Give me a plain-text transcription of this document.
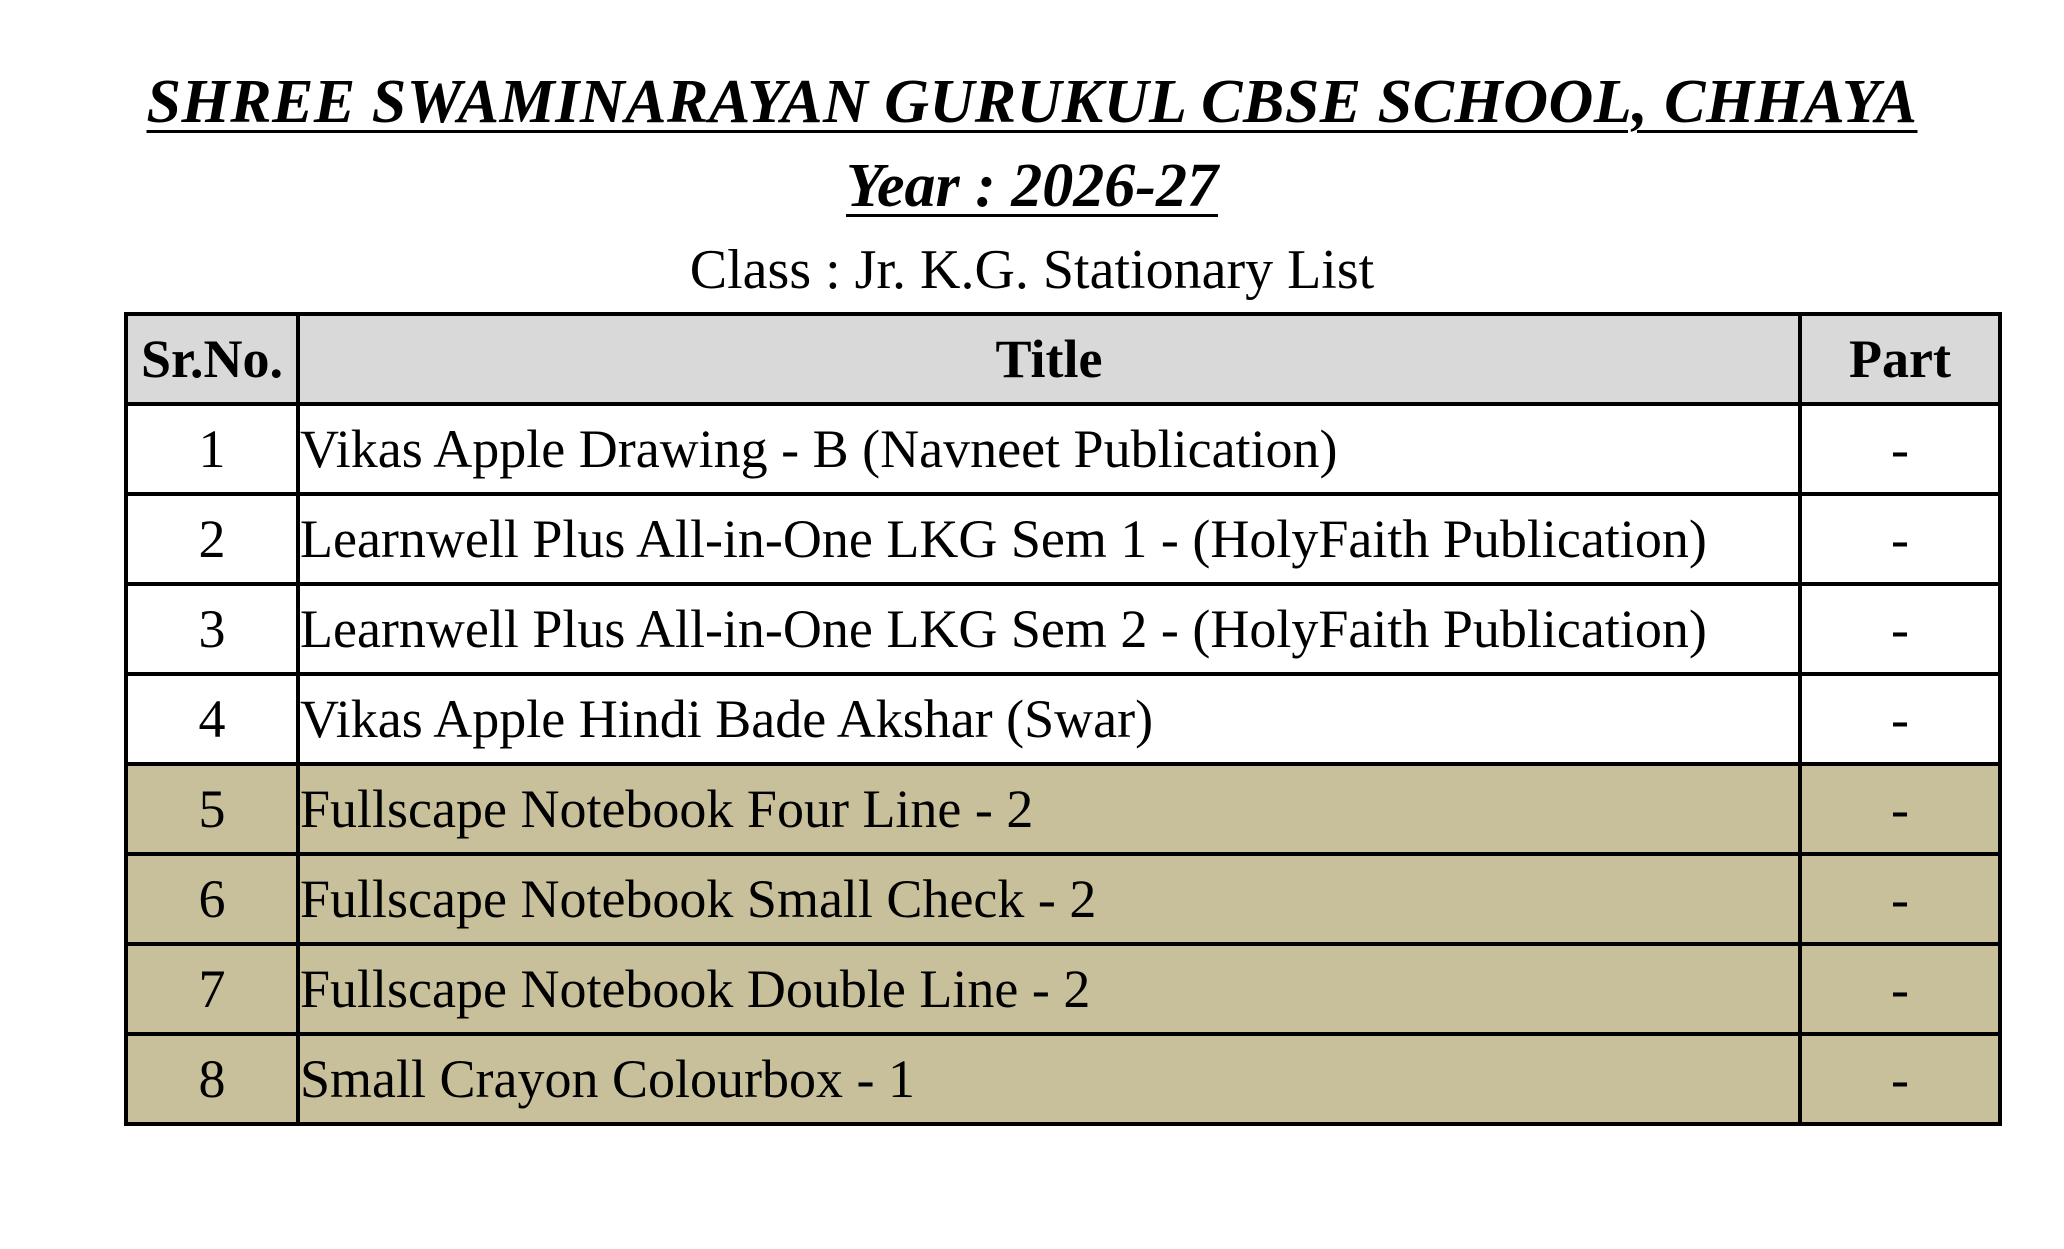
SHREE SWAMINARAYAN GURUKUL CBSE SCHOOL, CHHAYA
Year : 2026-27
Class : Jr. K.G. Stationary List
Sr.No.	Title	Part
1	Vikas Apple Drawing - B (Navneet Publication)	-
2	Learnwell Plus All-in-One LKG Sem 1 - (HolyFaith Publication)	-
3	Learnwell Plus All-in-One LKG Sem 2 - (HolyFaith Publication)	-
4	Vikas Apple Hindi Bade Akshar (Swar)	-
5	Fullscape Notebook Four Line - 2	-
6	Fullscape Notebook Small Check - 2	-
7	Fullscape Notebook Double Line - 2	-
8	Small Crayon Colourbox - 1	-
